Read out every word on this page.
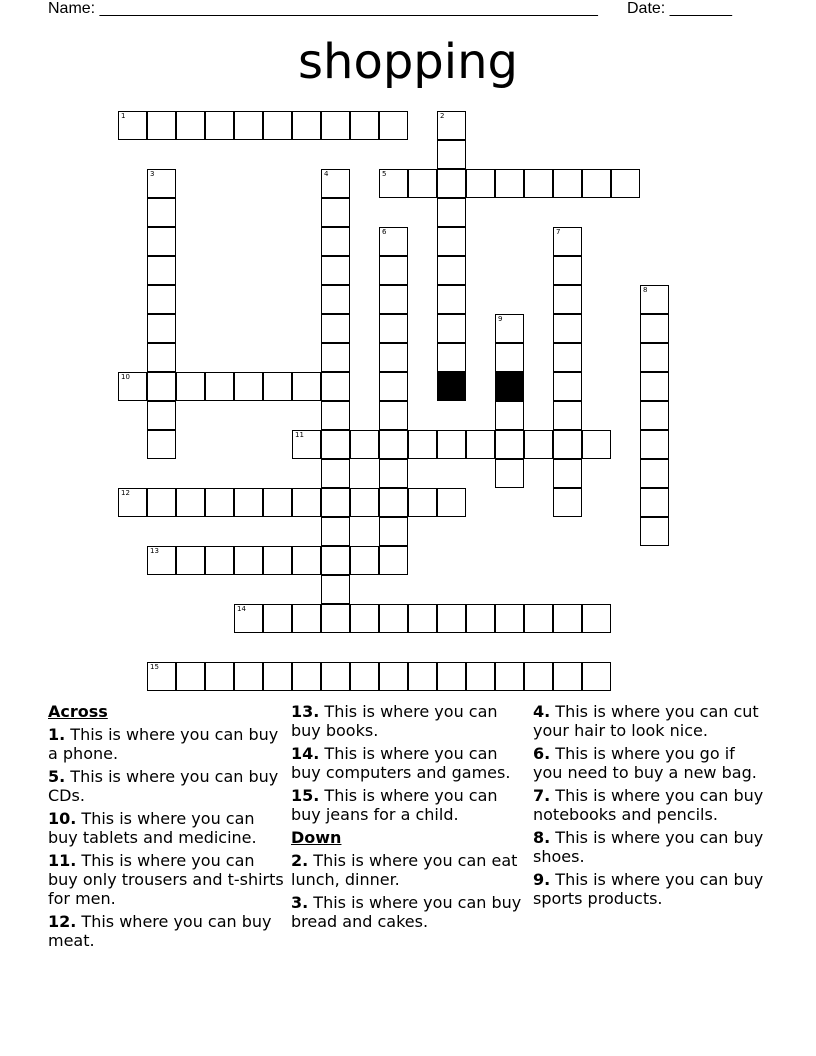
Name: ________________________________________________________ Date: _______
shopping
1	2
3	4	5
6	7
8
9
10
11
12
13
14
15
Across
1. This is where you can buy a phone.
5. This is where you can buy CDs.
10. This is where you can buy tablets and medicine.
11. This is where you can buy only trousers and t-shirts for men.
12. This where you can buy meat.
13. This is where you can buy books.
14. This is where you can buy computers and games.
15. This is where you can buy jeans for a child.
Down
2. This is where you can eat lunch, dinner.
3. This is where you can buy bread and cakes.
4. This is where you can cut your hair to look nice.
6. This is where you go if you need to buy a new bag.
7. This is where you can buy notebooks and pencils.
8. This is where you can buy shoes.
9. This is where you can buy sports products.
